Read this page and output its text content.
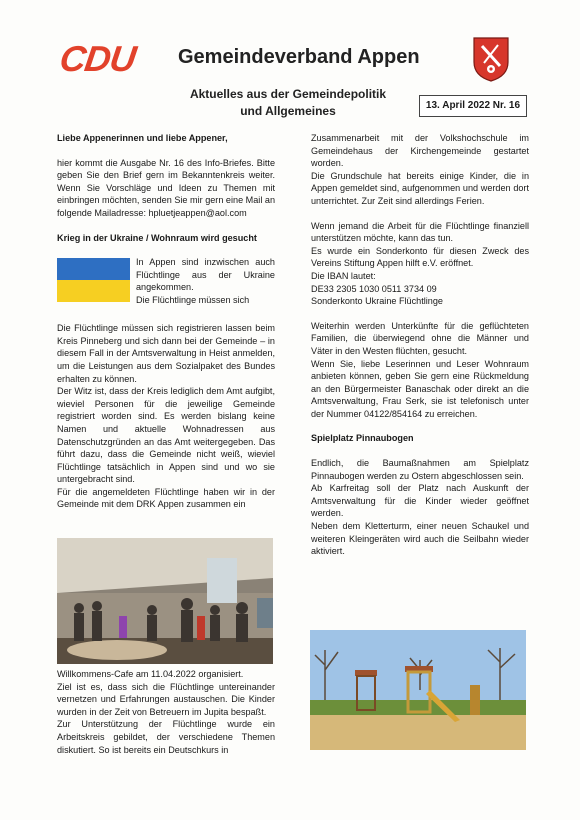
CDU	Gemeindeverband Appen
Aktuelles aus der Gemeindepolitik
und Allgemeines	13. April 2022 Nr. 16

Liebe Appenerinnen und liebe Appener,

hier kommt die Ausgabe Nr. 16 des Info-Briefes. Bitte geben Sie den Brief gern im Bekanntenkreis weiter. Wenn Sie Vorschläge und Ideen zu Themen mit einbringen möchten, senden Sie mir gern eine Mail an folgende Mailadresse: hpluetjeappen@aol.com

Krieg in der Ukraine / Wohnraum wird gesucht

In Appen sind inzwischen auch Flüchtlinge aus der Ukraine angekommen.

Die Flüchtlinge müssen sich

Die Flüchtlinge müssen sich registrieren lassen beim Kreis Pinneberg und sich dann bei der Gemeinde – in diesem Fall in der Amtsverwaltung in Heist anmelden, um die Leistungen aus dem Sozialpaket des Bundes erhalten zu können.

Der Witz ist, dass der Kreis lediglich dem Amt aufgibt, wieviel Personen für die jeweilige Gemeinde registriert worden sind. Es werden bislang keine Namen und aktuelle Wohnadressen aus Datenschutzgründen an das Amt weitergegeben. Das führt dazu, dass die Gemeinde nicht weiß, wieviel Flüchtlinge tatsächlich in Appen sind und wo sie untergebracht sind.

Für die angemeldeten Flüchtlinge haben wir in der Gemeinde mit dem DRK Appen zusammen ein

Willkommens-Cafe am 11.04.2022 organisiert.

Ziel ist es, dass sich die Flüchtlinge untereinander vernetzen und Erfahrungen austauschen. Die Kinder wurden in der Zeit von Betreuern im Jupita bespaßt.

Zur Unterstützung der Flüchtlinge wurde ein Arbeitskreis gebildet, der verschiedene Themen diskutiert. So ist bereits ein Deutschkurs in

Zusammenarbeit mit der Volkshochschule im Gemeindehaus der Kirchengemeinde gestartet worden.

Die Grundschule hat bereits einige Kinder, die in Appen gemeldet sind, aufgenommen und werden dort unterrichtet. Zur Zeit sind allerdings Ferien.

Wenn jemand die Arbeit für die Flüchtlinge finanziell unterstützen möchte, kann das tun.

Es wurde ein Sonderkonto für diesen Zweck des Vereins Stiftung Appen hilft e.V. eröffnet.

Die IBAN lautet:

DE33 2305 1030 0511 3734 09

Sonderkonto Ukraine Flüchtlinge

Weiterhin werden Unterkünfte für die geflüchteten Familien, die überwiegend ohne die Männer und Väter in den Westen flüchten, gesucht.

Wenn Sie, liebe Leserinnen und Leser Wohnraum anbieten können, geben Sie gern eine Rückmeldung an den Bürgermeister Banaschak oder direkt an die Amtsverwaltung, Frau Serk, sie ist telefonisch unter der Nummer 04122/854164 zu erreichen.

Spielplatz Pinnaubogen

Endlich, die Baumaßnahmen am Spielplatz Pinnaubogen werden zu Ostern abgeschlossen sein.

Ab Karfreitag soll der Platz nach Auskunft der Amtsverwaltung für die Kinder wieder geöffnet werden.

Neben dem Kletterturm, einer neuen Schaukel und weiteren Kleingeräten wird auch die Seilbahn wieder aktiviert.
